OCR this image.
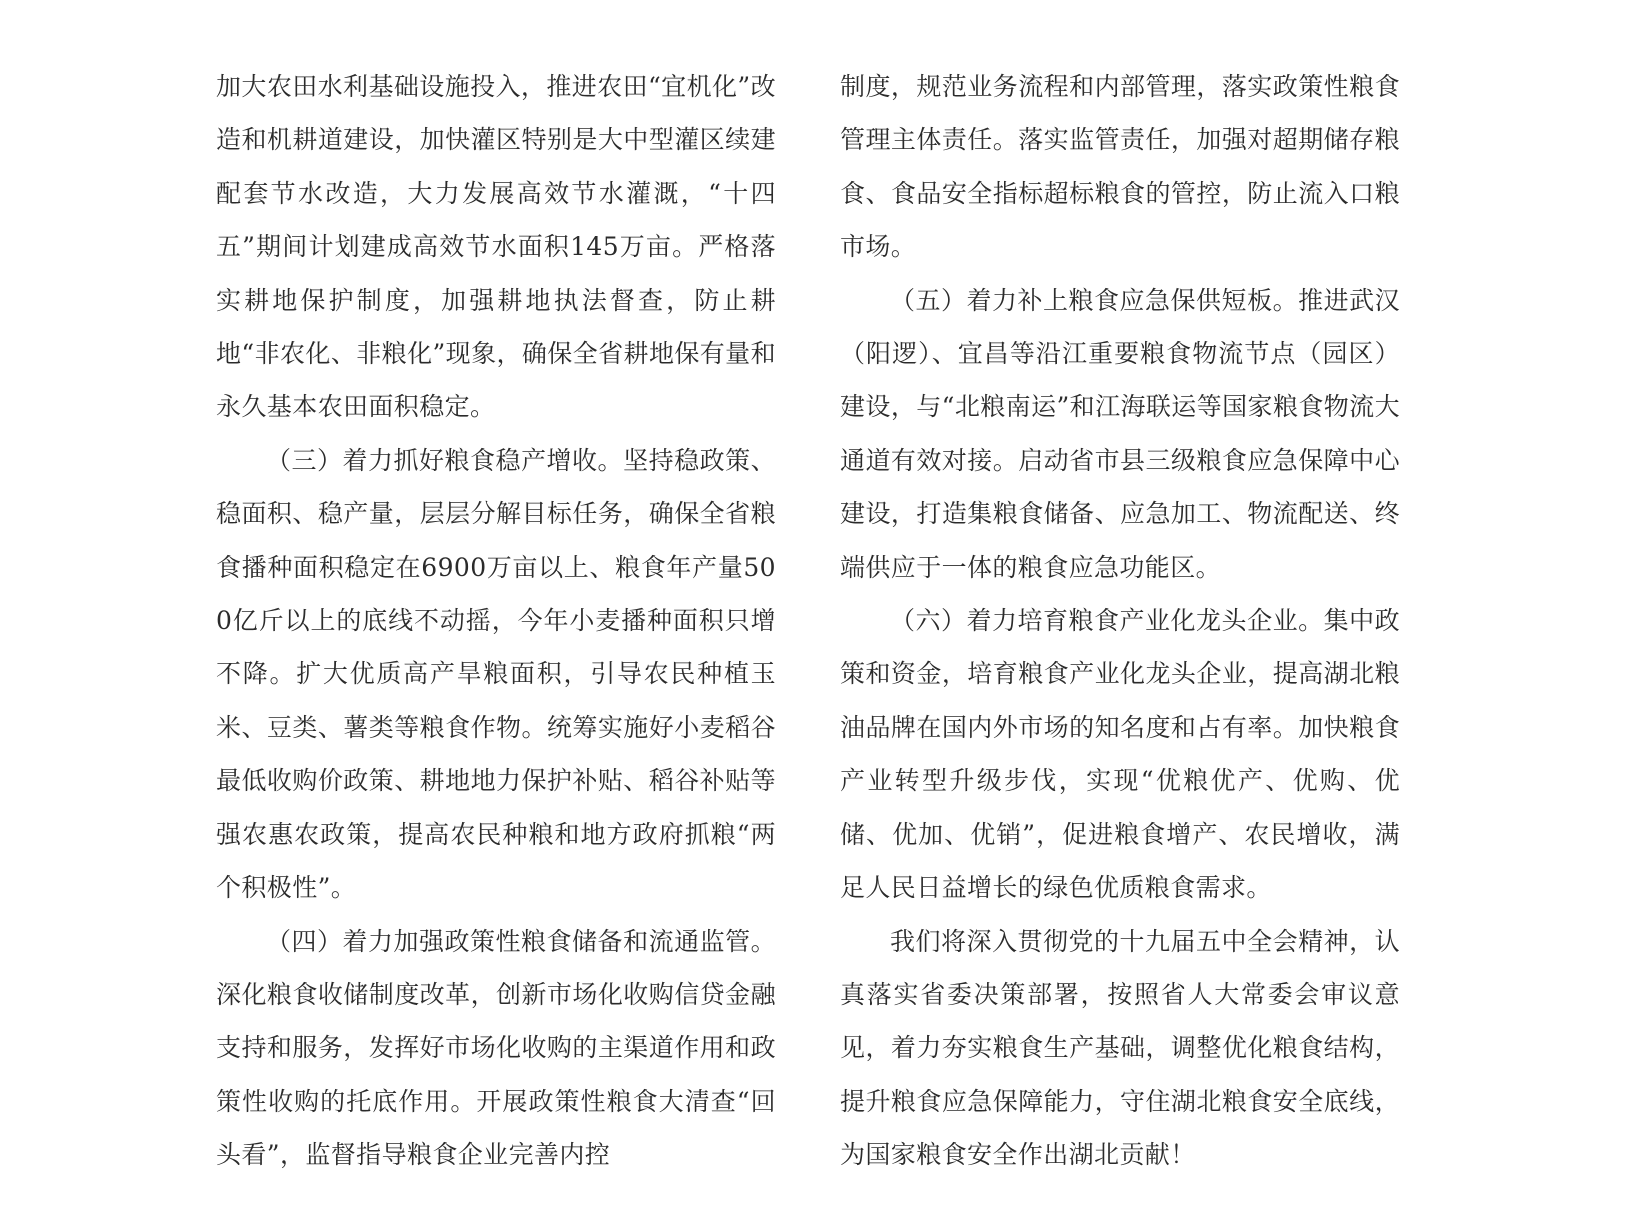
加大农田水利基础设施投入，推进农田“宜机化”改造和机耕道建设，加快灌区特别是大中型灌区续建配套节水改造，大力发展高效节水灌溉，“十四五”期间计划建成高效节水面积145万亩。严格落实耕地保护制度，加强耕地执法督查，防止耕地“非农化、非粮化”现象，确保全省耕地保有量和永久基本农田面积稳定。

（三）着力抓好粮食稳产增收。坚持稳政策、稳面积、稳产量，层层分解目标任务，确保全省粮食播种面积稳定在6900万亩以上、粮食年产量500亿斤以上的底线不动摇，今年小麦播种面积只增不降。扩大优质高产旱粮面积，引导农民种植玉米、豆类、薯类等粮食作物。统筹实施好小麦稻谷最低收购价政策、耕地地力保护补贴、稻谷补贴等强农惠农政策，提高农民种粮和地方政府抓粮“两个积极性”。

（四）着力加强政策性粮食储备和流通监管。深化粮食收储制度改革，创新市场化收购信贷金融支持和服务，发挥好市场化收购的主渠道作用和政策性收购的托底作用。开展政策性粮食大清查“回头看”，监督指导粮食企业完善内控

制度，规范业务流程和内部管理，落实政策性粮食管理主体责任。落实监管责任，加强对超期储存粮食、食品安全指标超标粮食的管控，防止流入口粮市场。

（五）着力补上粮食应急保供短板。推进武汉（阳逻）、宜昌等沿江重要粮食物流节点（园区）建设，与“北粮南运”和江海联运等国家粮食物流大通道有效对接。启动省市县三级粮食应急保障中心建设，打造集粮食储备、应急加工、物流配送、终端供应于一体的粮食应急功能区。

（六）着力培育粮食产业化龙头企业。集中政策和资金，培育粮食产业化龙头企业，提高湖北粮油品牌在国内外市场的知名度和占有率。加快粮食产业转型升级步伐，实现“优粮优产、优购、优储、优加、优销”，促进粮食增产、农民增收，满足人民日益增长的绿色优质粮食需求。

我们将深入贯彻党的十九届五中全会精神，认真落实省委决策部署，按照省人大常委会审议意见，着力夯实粮食生产基础，调整优化粮食结构，提升粮食应急保障能力，守住湖北粮食安全底线，为国家粮食安全作出湖北贡献！
